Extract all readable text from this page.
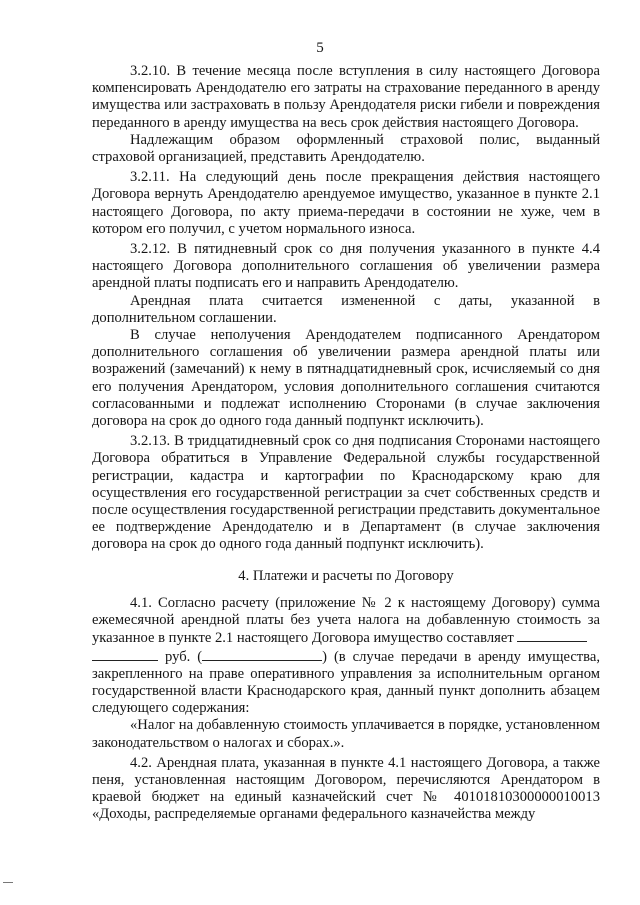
5

3.2.10. В течение месяца после вступления в силу настоящего Договора компенсировать Арендодателю его затраты на страхование переданного в аренду имущества или застраховать в пользу Арендодателя риски гибели и повреждения переданного в аренду имущества на весь срок действия настоящего Договора.

Надлежащим образом оформленный страховой полис, выданный страховой организацией, представить Арендодателю.

3.2.11. На следующий день после прекращения действия настоящего Договора вернуть Арендодателю арендуемое имущество, указанное в пункте 2.1 настоящего Договора, по акту приема-передачи в состоянии не хуже, чем в котором его получил, с учетом нормального износа.

3.2.12. В пятидневный срок со дня получения указанного в пункте 4.4 настоящего Договора дополнительного соглашения об увеличении размера арендной платы подписать его и направить Арендодателю.

Арендная плата считается измененной с даты, указанной в дополнительном соглашении.

В случае неполучения Арендодателем подписанного Арендатором дополнительного соглашения об увеличении размера арендной платы или возражений (замечаний) к нему в пятнадцатидневный срок, исчисляемый со дня его получения Арендатором, условия дополнительного соглашения считаются согласованными и подлежат исполнению Сторонами (в случае заключения договора на срок до одного года данный подпункт исключить).

3.2.13. В тридцатидневный срок со дня подписания Сторонами настоящего Договора обратиться в Управление Федеральной службы государственной регистрации, кадастра и картографии по Краснодарскому краю для осуществления его государственной регистрации за счет собственных средств и после осуществления государственной регистрации представить документальное ее подтверждение Арендодателю и в Департамент (в случае заключения договора на срок до одного года данный подпункт исключить).

4. Платежи и расчеты по Договору

4.1. Согласно расчету (приложение № 2 к настоящему Договору) сумма ежемесячной арендной платы без учета налога на добавленную стоимость за указанное в пункте 2.1 настоящего Договора имущество составляет
руб. (	) (в случае передачи в аренду имущества, закрепленного на праве оперативного управления за исполнительным органом государственной власти Краснодарского края, данный пункт дополнить абзацем следующего содержания:

«Налог на добавленную стоимость уплачивается в порядке, установленном законодательством о налогах и сборах.».

4.2. Арендная плата, указанная в пункте 4.1 настоящего Договора, а также пеня, установленная настоящим Договором, перечисляются Арендатором в краевой бюджет на единый казначейский счет № 40101810300000010013 «Доходы, распределяемые органами федерального казначейства между
